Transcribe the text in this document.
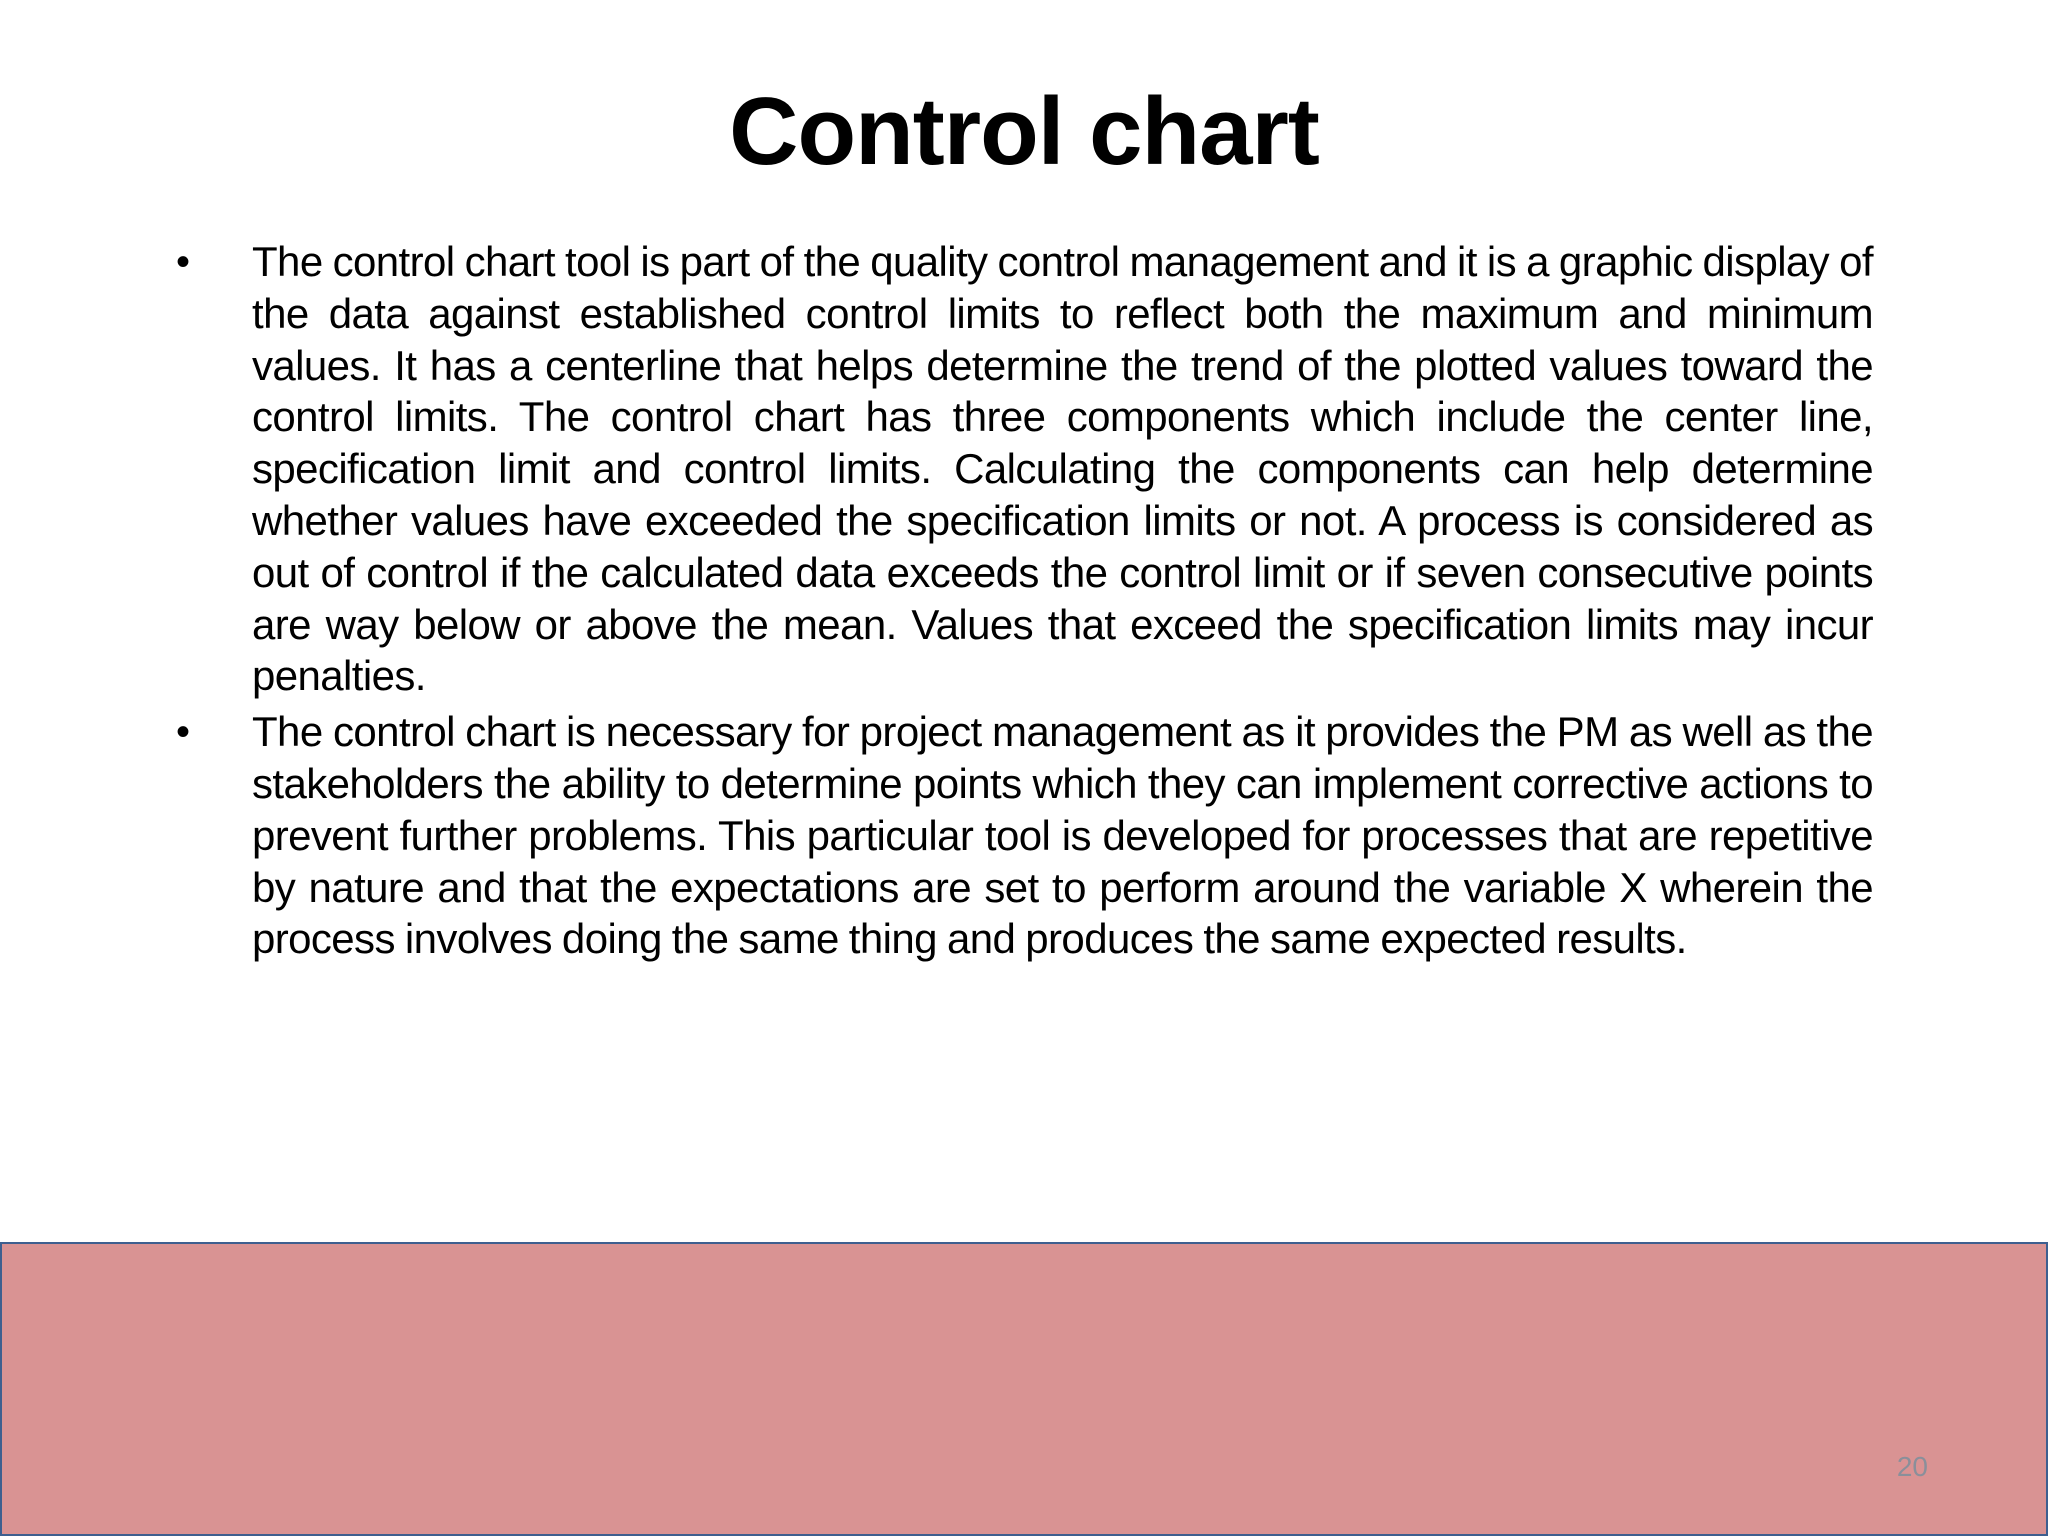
Control chart
• The control chart tool is part of the quality control management and it is a graphic display of the data against established control limits to reflect both the maximum and minimum values. It has a centerline that helps determine the trend of the plotted values toward the control limits. The control chart has three components which include the center line, specification limit and control limits. Calculating the components can help determine whether values have exceeded the specification limits or not. A process is considered as out of control if the calculated data exceeds the control limit or if seven consecutive points are way below or above the mean. Values that exceed the specification limits may incur penalties.
• The control chart is necessary for project management as it provides the PM as well as the stakeholders the ability to determine points which they can implement corrective actions to prevent further problems. This particular tool is developed for processes that are repetitive by nature and that the expectations are set to perform around the variable X wherein the process involves doing the same thing and produces the same expected results.
20
